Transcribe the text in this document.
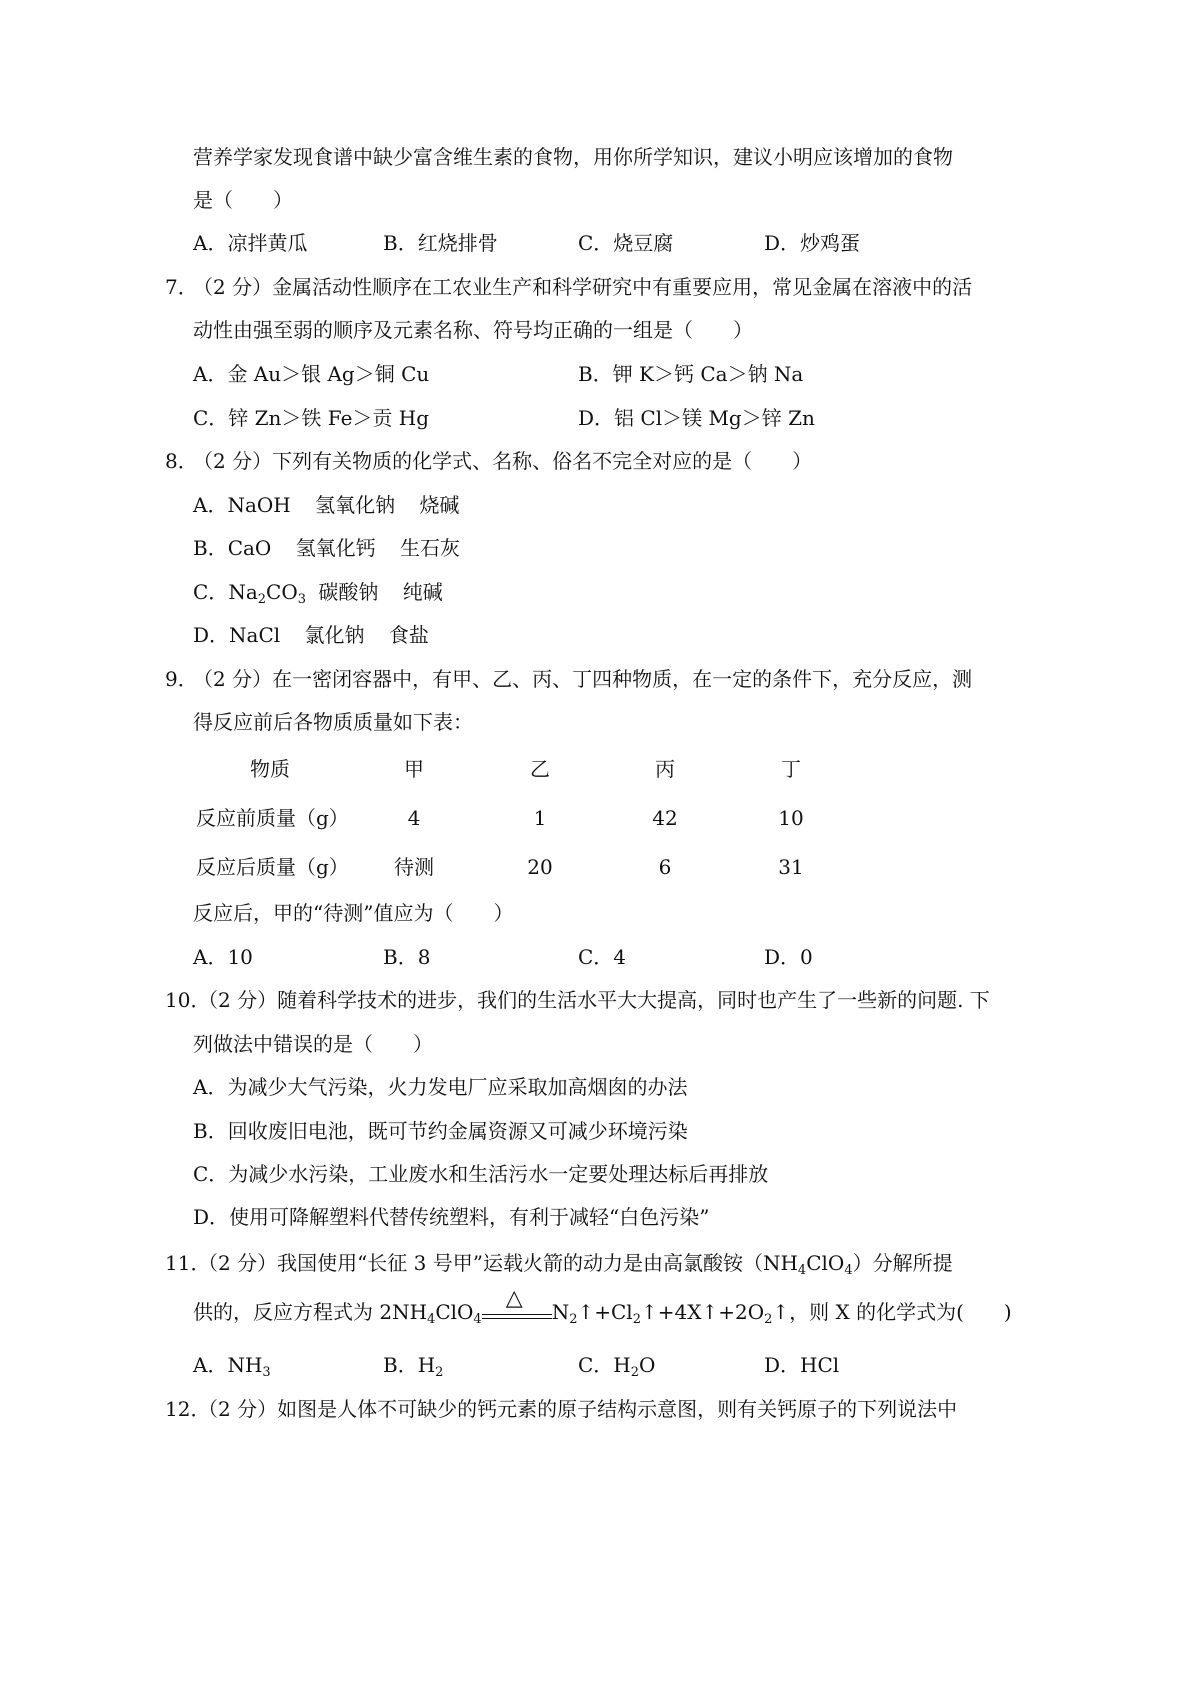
营养学家发现食谱中缺少富含维生素的食物，用你所学知识，建议小明应该增加的食物
是（　　）
A．凉拌黄瓜	B．红烧排骨	C．烧豆腐	D．炒鸡蛋
7．
（2 分）金属活动性顺序在工农业生产和科学研究中有重要应用，常见金属在溶液中的活
动性由强至弱的顺序及元素名称、符号均正确的一组是（　　）
A．金 Au＞银 Ag＞铜 Cu	B．钾 K＞钙 Ca＞钠 Na
C．锌 Zn＞铁 Fe＞贡 Hg	D．铝 Cl＞镁 Mg＞锌 Zn
8．
（2 分）下列有关物质的化学式、名称、俗名不完全对应的是（　　）
A．NaOH 氢氧化钠 烧碱
B．CaO 氢氧化钙 生石灰
C．$Na_2CO_3$ 碳酸钠 纯碱
D．NaCl 氯化钠 食盐
9．
（2 分）在一密闭容器中，有甲、乙、丙、丁四种物质，在一定的条件下，充分反应，测
得反应前后各物质质量如下表：
物质	甲	乙	丙	丁
反应前质量（g）	4	1	42	10
反应后质量（g）	待测	20	6	31
反应后，甲的“待测”值应为（　　）
A．10	B．8	C．4	D．0
10．
（2 分）随着科学技术的进步，我们的生活水平大大提高，同时也产生了一些新的问题. 下
列做法中错误的是（　　）
A．为减少大气污染，火力发电厂应采取加高烟囱的办法
B．回收废旧电池，既可节约金属资源又可减少环境污染
C．为减少水污染，工业废水和生活污水一定要处理达标后再排放
D．使用可降解塑料代替传统塑料，有利于减轻“白色污染”
11．
（2 分）我国使用“长征 3 号甲”运载火箭的动力是由高氯酸铵$(NH_4ClO_4)$分解所提
供的，反应方程式为 $2NH_4ClO_4$
△
$N_2↑+Cl_2↑+4X↑+2O_2↑$，则 X 的化学式为(　　)
A．$NH_3$	B．$H_2$	C．$H_2O$	D．HCl
12．
（2 分）如图是人体不可缺少的钙元素的原子结构示意图，则有关钙原子的下列说法中
